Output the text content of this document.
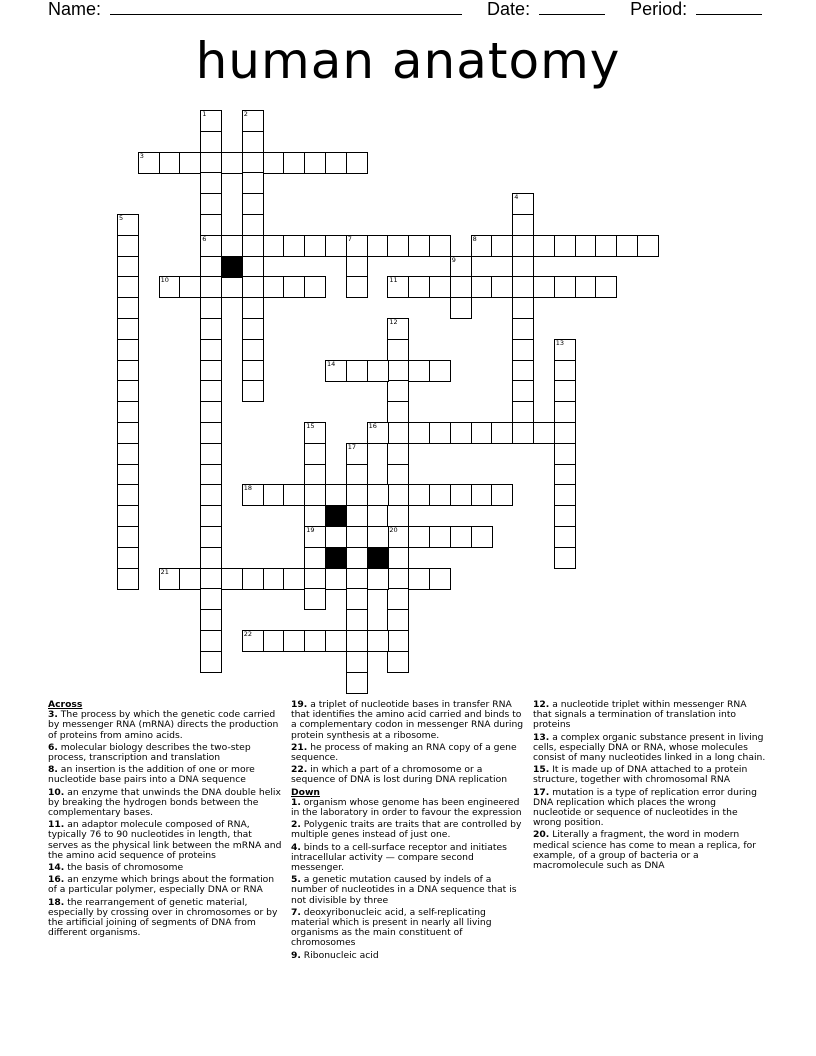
Name:	Date:	Period:
human anatomy
1	2
3
4
5
6	7	8
9
10	11
12
13
14
15	16
17
18
19	20
21
22
Across
3. The process by which the genetic code carried by messenger RNA (mRNA) directs the production of proteins from amino acids.
6. molecular biology describes the two-step process, transcription and translation
8. an insertion is the addition of one or more nucleotide base pairs into a DNA sequence
10. an enzyme that unwinds the DNA double helix by breaking the hydrogen bonds between the complementary bases.
11. an adaptor molecule composed of RNA, typically 76 to 90 nucleotides in length, that serves as the physical link between the mRNA and the amino acid sequence of proteins
14. the basis of chromosome
16. an enzyme which brings about the formation of a particular polymer, especially DNA or RNA
18. the rearrangement of genetic material, especially by crossing over in chromosomes or by the artificial joining of segments of DNA from different organisms.
19. a triplet of nucleotide bases in transfer RNA that identifies the amino acid carried and binds to a complementary codon in messenger RNA during protein synthesis at a ribosome.
21. he process of making an RNA copy of a gene sequence.
22. in which a part of a chromosome or a sequence of DNA is lost during DNA replication
Down
1. organism whose genome has been engineered in the laboratory in order to favour the expression
2. Polygenic traits are traits that are controlled by multiple genes instead of just one.
4. binds to a cell-surface receptor and initiates intracellular activity — compare second messenger.
5. a genetic mutation caused by indels of a number of nucleotides in a DNA sequence that is not divisible by three
7. deoxyribonucleic acid, a self-replicating material which is present in nearly all living organisms as the main constituent of chromosomes
9. Ribonucleic acid
12. a nucleotide triplet within messenger RNA that signals a termination of translation into proteins
13. a complex organic substance present in living cells, especially DNA or RNA, whose molecules consist of many nucleotides linked in a long chain.
15. It is made up of DNA attached to a protein structure, together with chromosomal RNA
17. mutation is a type of replication error during DNA replication which places the wrong nucleotide or sequence of nucleotides in the wrong position.
20. Literally a fragment, the word in modern medical science has come to mean a replica, for example, of a group of bacteria or a macromolecule such as DNA
